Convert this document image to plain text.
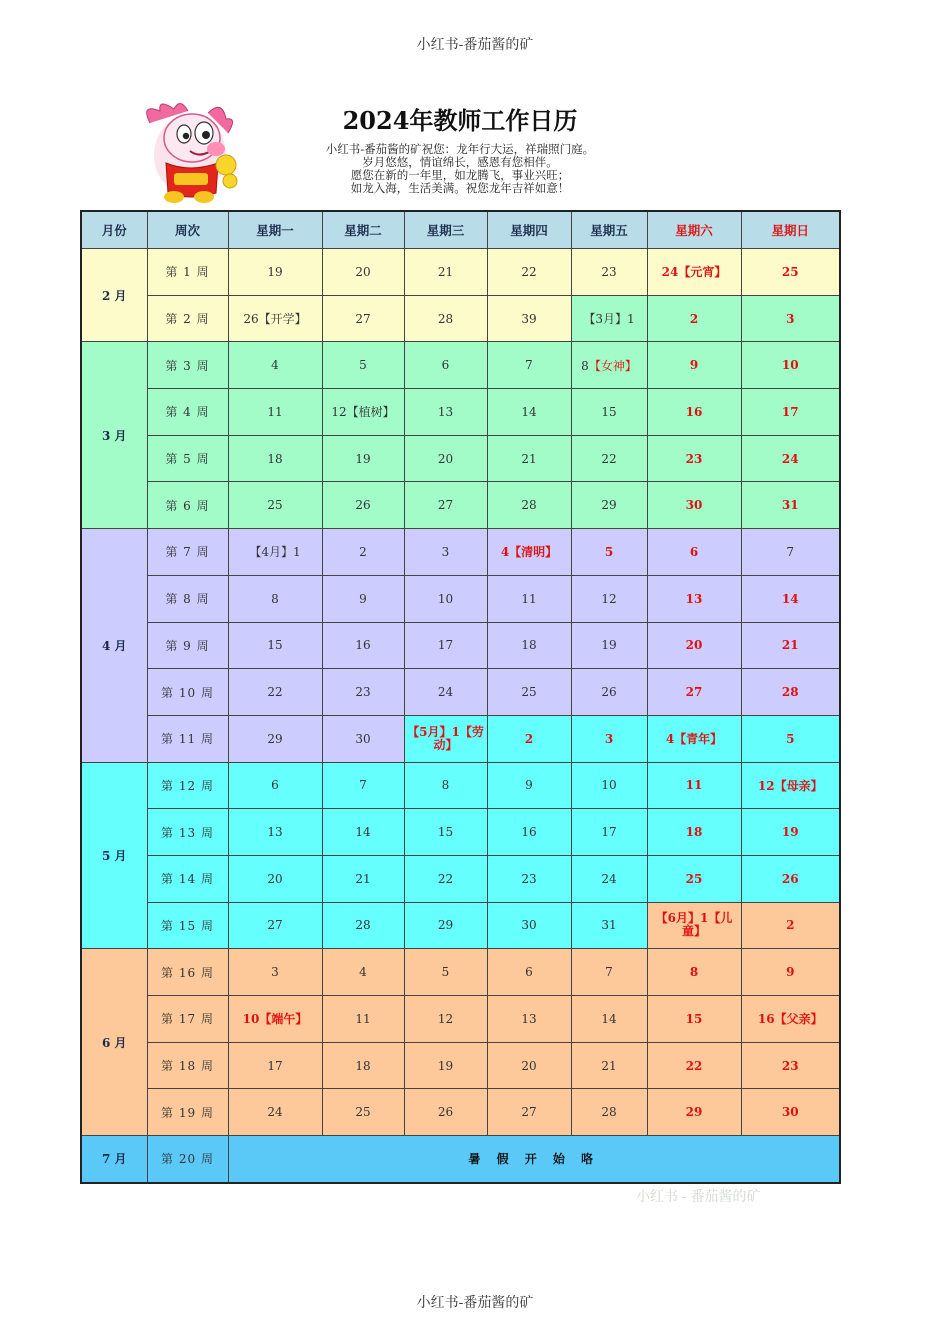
小红书-番茄酱的矿
2024年教师工作日历
小红书-番茄酱的矿祝您：龙年行大运，祥瑞照门庭。
岁月悠悠，情谊绵长，感恩有您相伴。
愿您在新的一年里，如龙腾飞，事业兴旺；
如龙入海，生活美满。祝您龙年吉祥如意！
月份	周次	星期一	星期二	星期三	星期四	星期五	星期六	星期日
2 月	第 1 周	19	20	21	22	23	24【元宵】	25
	第 2 周	26【开学】	27	28	39	【3月】1	2	3
3 月	第 3 周	4	5	6	7	8【女神】	9	10
	第 4 周	11	12【植树】	13	14	15	16	17
	第 5 周	18	19	20	21	22	23	24
	第 6 周	25	26	27	28	29	30	31
4 月	第 7 周	【4月】1	2	3	4【清明】	5	6	7
	第 8 周	8	9	10	11	12	13	14
	第 9 周	15	16	17	18	19	20	21
	第 10 周	22	23	24	25	26	27	28
	第 11 周	29	30	【5月】1【劳动】	2	3	4【青年】	5
5 月	第 12 周	6	7	8	9	10	11	12【母亲】
	第 13 周	13	14	15	16	17	18	19
	第 14 周	20	21	22	23	24	25	26
	第 15 周	27	28	29	30	31	【6月】1【儿童】	2
6 月	第 16 周	3	4	5	6	7	8	9
	第 17 周	10【端午】	11	12	13	14	15	16【父亲】
	第 18 周	17	18	19	20	21	22	23
	第 19 周	24	25	26	27	28	29	30
7 月	第 20 周	暑 假 开 始 咯						
小红书 - 番茄酱的矿
小红书-番茄酱的矿
